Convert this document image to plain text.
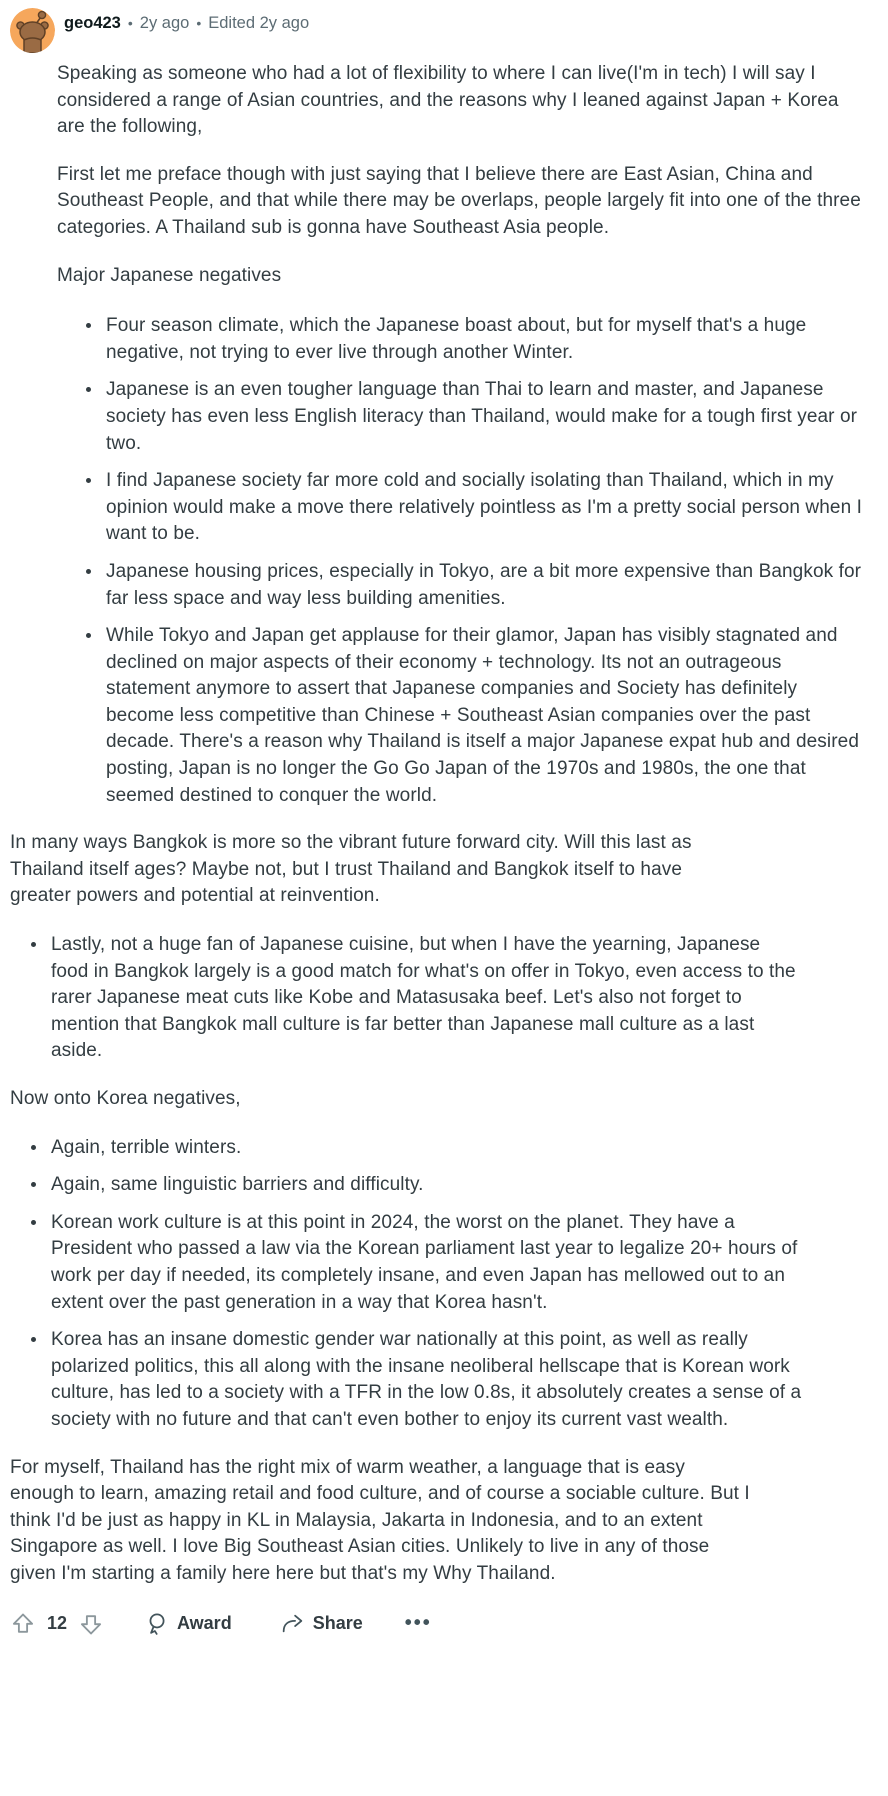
geo423 • 2y ago • Edited 2y ago

Speaking as someone who had a lot of flexibility to where I can live(I'm in tech) I will say I considered a range of Asian countries, and the reasons why I leaned against Japan + Korea are the following,

First let me preface though with just saying that I believe there are East Asian, China and Southeast People, and that while there may be overlaps, people largely fit into one of the three categories. A Thailand sub is gonna have Southeast Asia people.

Major Japanese negatives

• Four season climate, which the Japanese boast about, but for myself that's a huge negative, not trying to ever live through another Winter.
• Japanese is an even tougher language than Thai to learn and master, and Japanese society has even less English literacy than Thailand, would make for a tough first year or two.
• I find Japanese society far more cold and socially isolating than Thailand, which in my opinion would make a move there relatively pointless as I'm a pretty social person when I want to be.
• Japanese housing prices, especially in Tokyo, are a bit more expensive than Bangkok for far less space and way less building amenities.
• While Tokyo and Japan get applause for their glamor, Japan has visibly stagnated and declined on major aspects of their economy + technology. Its not an outrageous statement anymore to assert that Japanese companies and Society has definitely become less competitive than Chinese + Southeast Asian companies over the past decade. There's a reason why Thailand is itself a major Japanese expat hub and desired posting, Japan is no longer the Go Go Japan of the 1970s and 1980s, the one that seemed destined to conquer the world.

In many ways Bangkok is more so the vibrant future forward city. Will this last as Thailand itself ages? Maybe not, but I trust Thailand and Bangkok itself to have greater powers and potential at reinvention.

• Lastly, not a huge fan of Japanese cuisine, but when I have the yearning, Japanese food in Bangkok largely is a good match for what's on offer in Tokyo, even access to the rarer Japanese meat cuts like Kobe and Matasusaka beef. Let's also not forget to mention that Bangkok mall culture is far better than Japanese mall culture as a last aside.

Now onto Korea negatives,

• Again, terrible winters.
• Again, same linguistic barriers and difficulty.
• Korean work culture is at this point in 2024, the worst on the planet. They have a President who passed a law via the Korean parliament last year to legalize 20+ hours of work per day if needed, its completely insane, and even Japan has mellowed out to an extent over the past generation in a way that Korea hasn't.
• Korea has an insane domestic gender war nationally at this point, as well as really polarized politics, this all along with the insane neoliberal hellscape that is Korean work culture, has led to a society with a TFR in the low 0.8s, it absolutely creates a sense of a society with no future and that can't even bother to enjoy its current vast wealth.

For myself, Thailand has the right mix of warm weather, a language that is easy enough to learn, amazing retail and food culture, and of course a sociable culture. But I think I'd be just as happy in KL in Malaysia, Jakarta in Indonesia, and to an extent Singapore as well. I love Big Southeast Asian cities. Unlikely to live in any of those given I'm starting a family here here but that's my Why Thailand.

12	Award	Share •••
